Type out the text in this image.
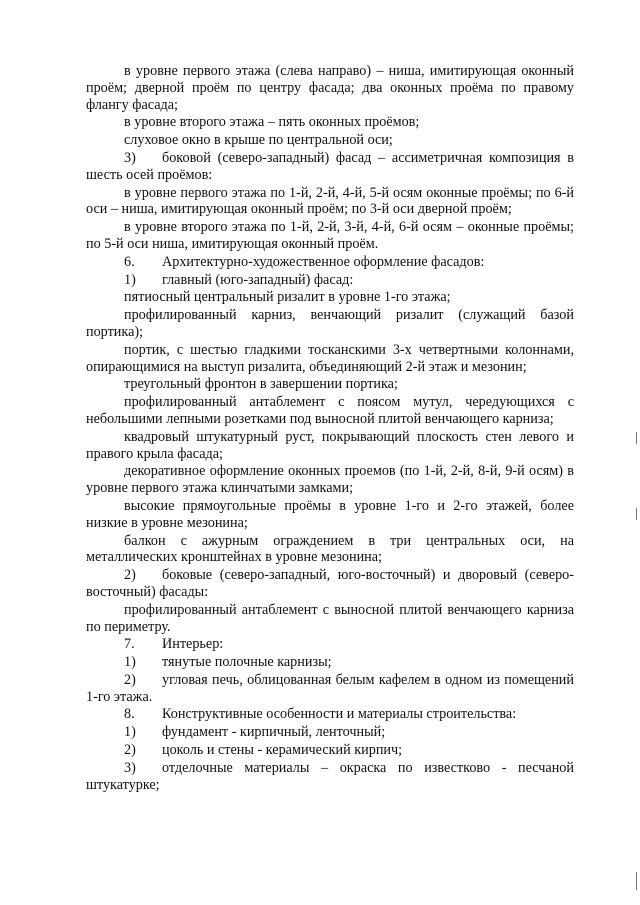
в уровне первого этажа (слева направо) – ниша, имитирующая оконный проём; дверной проём по центру фасада; два оконных проёма по правому флангу фасада;

в уровне второго этажа – пять оконных проёмов;

слуховое окно в крыше по центральной оси;

3) боковой (северо-западный) фасад – ассиметричная композиция в шесть осей проёмов:

в уровне первого этажа по 1-й, 2-й, 4-й, 5-й осям оконные проёмы; по 6-й оси – ниша, имитирующая оконный проём; по 3-й оси дверной проём;

в уровне второго этажа по 1-й, 2-й, 3-й, 4-й, 6-й осям – оконные проёмы; по 5-й оси ниша, имитирующая оконный проём.

6. Архитектурно-художественное оформление фасадов:

1) главный (юго-западный) фасад:

пятиосный центральный ризалит в уровне 1-го этажа;

профилированный карниз, венчающий ризалит (служащий базой портика);

портик, с шестью гладкими тосканскими 3-х четвертными колоннами, опирающимися на выступ ризалита, объединяющий 2-й этаж и мезонин;

треугольный фронтон в завершении портика;

профилированный антаблемент с поясом мутул, чередующихся с небольшими лепными розетками под выносной плитой венчающего карниза;

квадровый штукатурный руст, покрывающий плоскость стен левого и правого крыла фасада;

декоративное оформление оконных проемов (по 1-й, 2-й, 8-й, 9-й осям) в уровне первого этажа клинчатыми замками;

высокие прямоугольные проёмы в уровне 1-го и 2-го этажей, более низкие в уровне мезонина;

балкон с ажурным ограждением в три центральных оси, на металлических кронштейнах в уровне мезонина;

2) боковые (северо-западный, юго-восточный) и дворовый (северо-восточный) фасады:

профилированный антаблемент с выносной плитой венчающего карниза по периметру.

7. Интерьер:

1) тянутые полочные карнизы;

2) угловая печь, облицованная белым кафелем в одном из помещений 1-го этажа.

8. Конструктивные особенности и материалы строительства:

1) фундамент - кирпичный, ленточный;

2) цоколь и стены - керамический кирпич;

3) отделочные материалы – окраска по известково - песчаной штукатурке;
